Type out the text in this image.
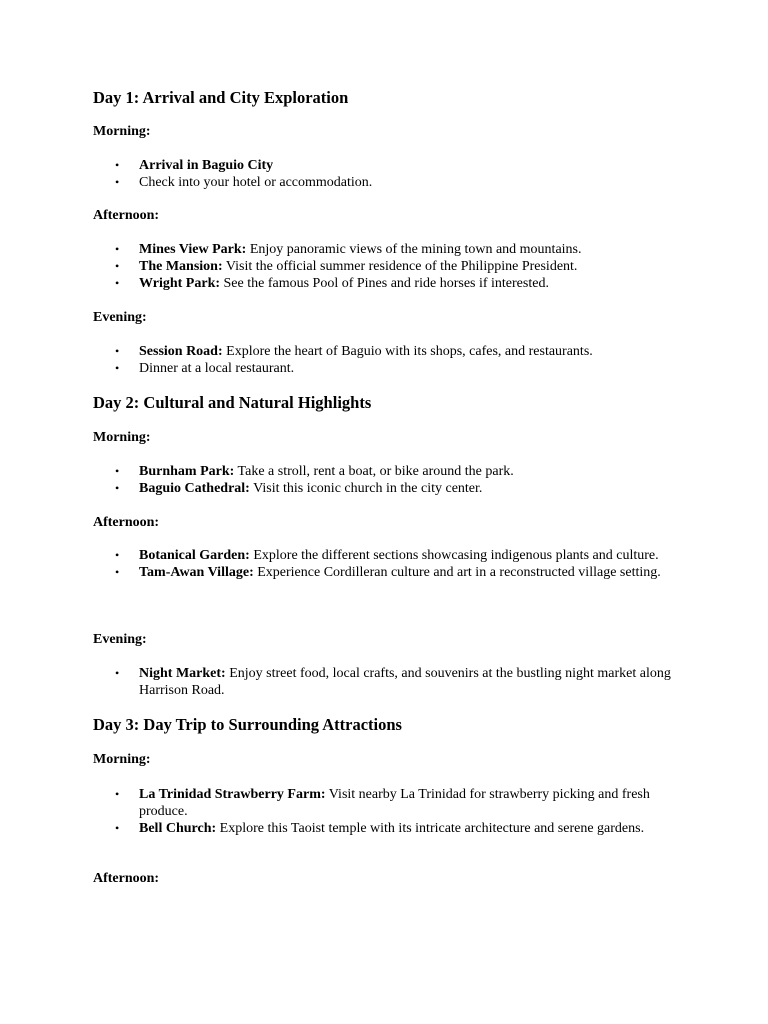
Day 1: Arrival and City Exploration

Morning:

• Arrival in Baguio City
• Check into your hotel or accommodation.

Afternoon:

• Mines View Park: Enjoy panoramic views of the mining town and mountains.
• The Mansion: Visit the official summer residence of the Philippine President.
• Wright Park: See the famous Pool of Pines and ride horses if interested.

Evening:

• Session Road: Explore the heart of Baguio with its shops, cafes, and restaurants.
• Dinner at a local restaurant.
Day 2: Cultural and Natural Highlights

Morning:

• Burnham Park: Take a stroll, rent a boat, or bike around the park.
• Baguio Cathedral: Visit this iconic church in the city center.

Afternoon:

• Botanical Garden: Explore the different sections showcasing indigenous plants and culture.
• Tam-Awan Village: Experience Cordilleran culture and art in a reconstructed village setting.

Evening:

• Night Market: Enjoy street food, local crafts, and souvenirs at the bustling night market along Harrison Road.
Day 3: Day Trip to Surrounding Attractions

Morning:

• La Trinidad Strawberry Farm: Visit nearby La Trinidad for strawberry picking and fresh produce.
• Bell Church: Explore this Taoist temple with its intricate architecture and serene gardens.

Afternoon:
